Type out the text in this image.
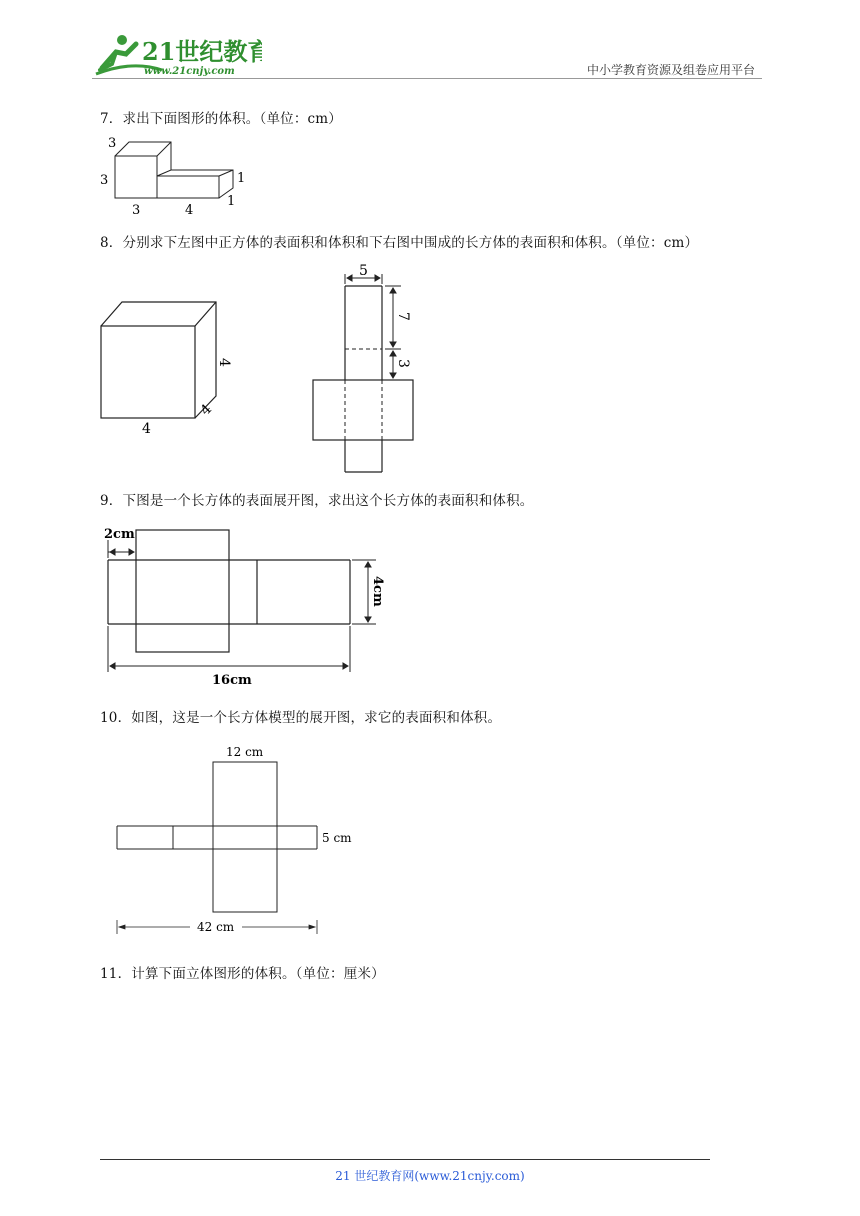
21世纪教育
www.21cnjy.com	中小学教育资源及组卷应用平台
7．求出下面图形的体积。（单位：cm）
3
3
3	4
1
1
8．分别求下左图中正方体的表面积和体积和下右图中围成的长方体的表面积和体积。（单位：cm）
4
4
4
5
7
3
9．下图是一个长方体的表面展开图，求出这个长方体的表面积和体积。
2cm
4cm
16cm
10．如图，这是一个长方体模型的展开图，求它的表面积和体积。
12 cm
5 cm
42 cm
11．计算下面立体图形的体积。（单位：厘米）
21 世纪教育网(www.21cnjy.com)
